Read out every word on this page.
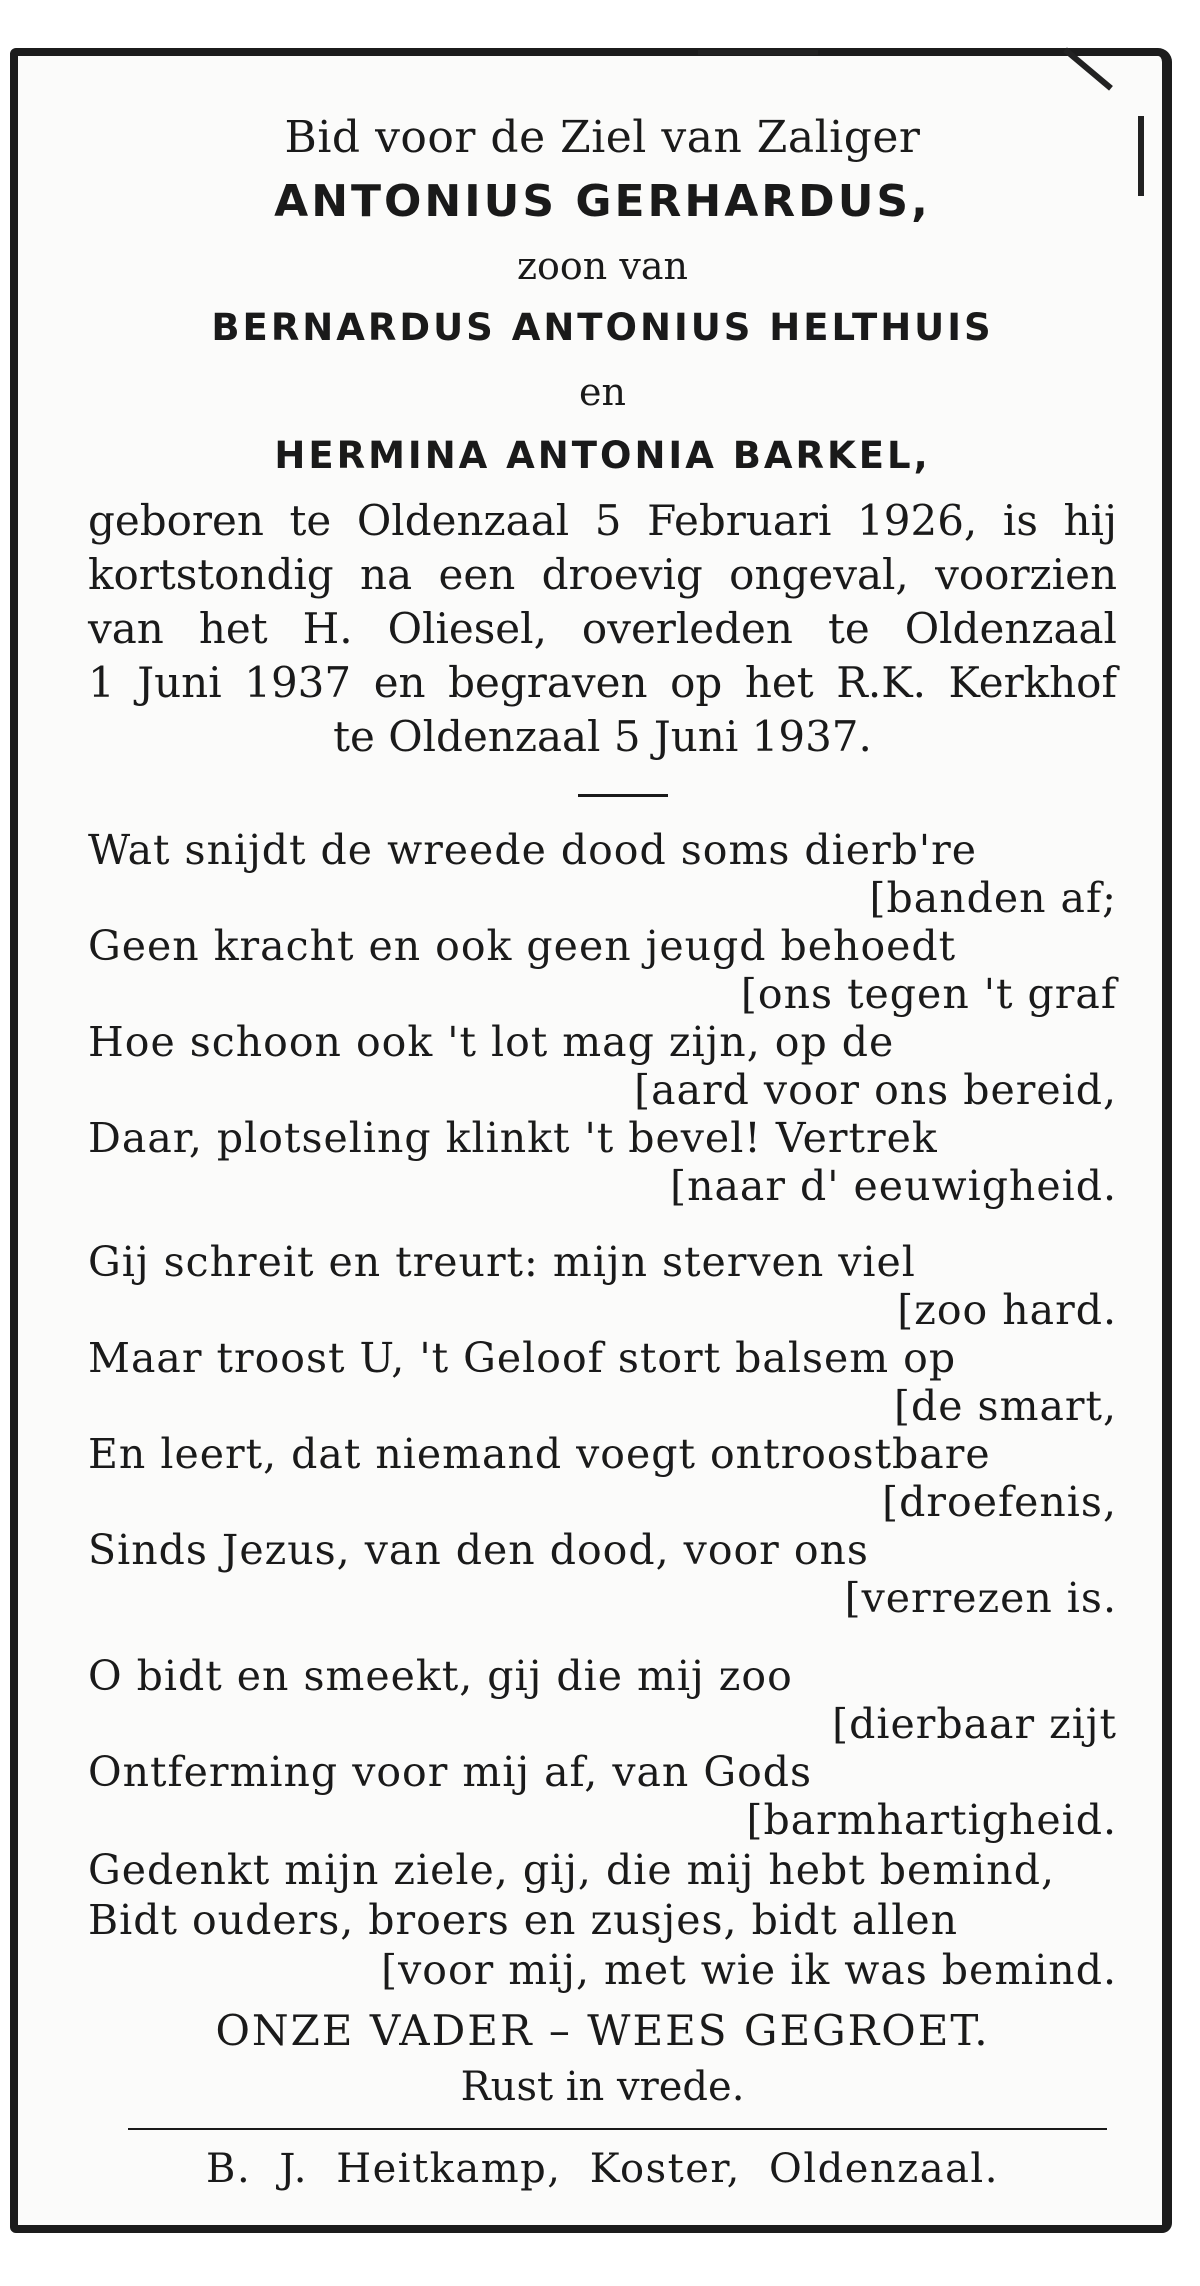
Bid voor de Ziel van Zaliger
ANTONIUS GERHARDUS,
zoon van
BERNARDUS ANTONIUS HELTHUIS
en
HERMINA ANTONIA BARKEL,
geboren te Oldenzaal 5 Februari 1926, is hij
kortstondig na een droevig ongeval, voorzien
van het H. Oliesel, overleden te Oldenzaal
1 Juni 1937 en begraven op het R.K. Kerkhof
te Oldenzaal 5 Juni 1937.
Wat snijdt de wreede dood soms dierb're
[banden af;
Geen kracht en ook geen jeugd behoedt
[ons tegen 't graf
Hoe schoon ook 't lot mag zijn, op de
[aard voor ons bereid,
Daar, plotseling klinkt 't bevel! Vertrek
[naar d' eeuwigheid.
Gij schreit en treurt: mijn sterven viel
[zoo hard.
Maar troost U, 't Geloof stort balsem op
[de smart,
En leert, dat niemand voegt ontroostbare
[droefenis,
Sinds Jezus, van den dood, voor ons
[verrezen is.
O bidt en smeekt, gij die mij zoo
[dierbaar zijt
Ontferming voor mij af, van Gods
[barmhartigheid.
Gedenkt mijn ziele, gij, die mij hebt bemind,
Bidt ouders, broers en zusjes, bidt allen
[voor mij, met wie ik was bemind.
ONZE VADER – WEES GEGROET.
Rust in vrede.
B. J. Heitkamp, Koster, Oldenzaal.
